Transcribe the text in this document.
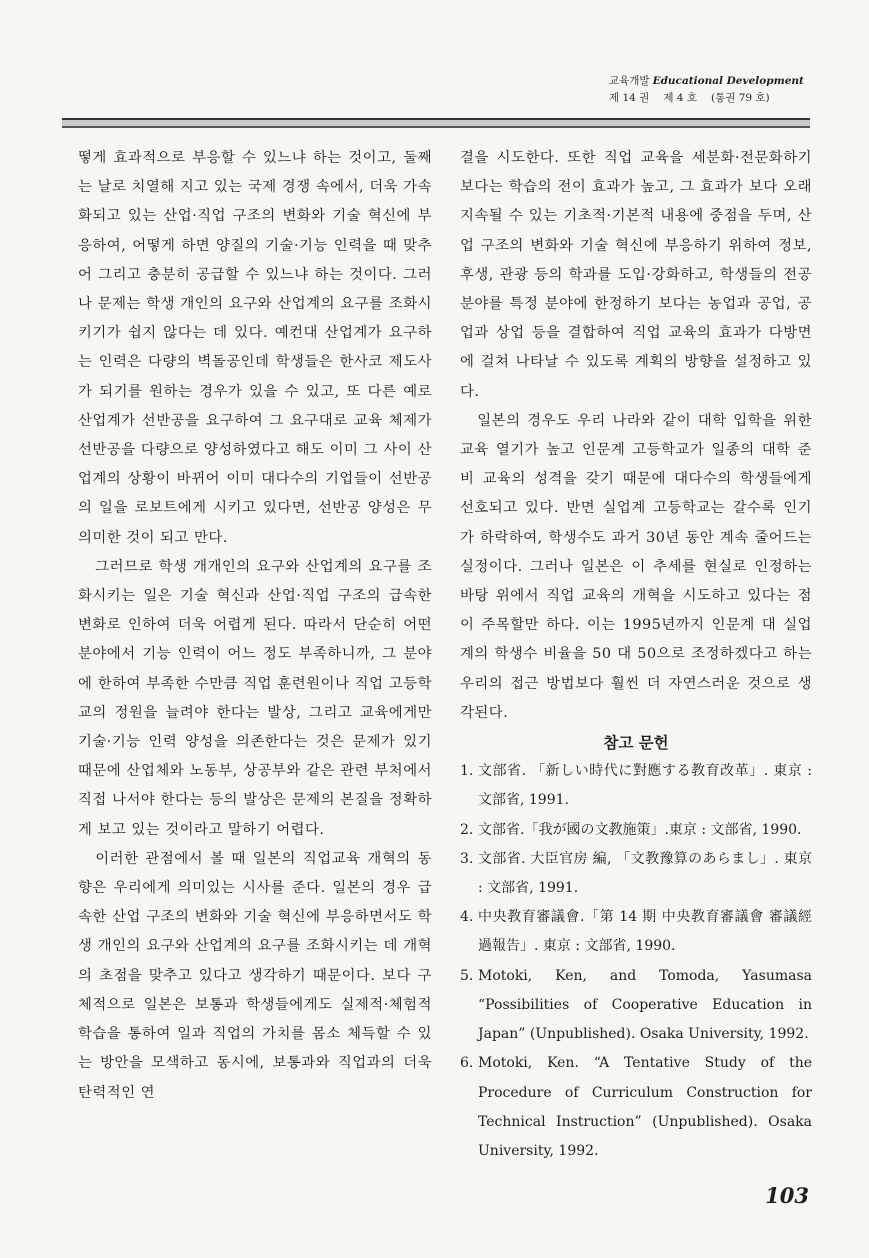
교육개발 Educational Development
제 14 권 제 4 호 (통권 79 호)

떻게 효과적으로 부응할 수 있느냐 하는 것이고, 둘째는 날로 치열해 지고 있는 국제 경쟁 속에서, 더욱 가속화되고 있는 산업·직업 구조의 변화와 기술 혁신에 부응하여, 어떻게 하면 양질의 기술·기능 인력을 때 맞추어 그리고 충분히 공급할 수 있느냐 하는 것이다. 그러나 문제는 학생 개인의 요구와 산업계의 요구를 조화시키기가 쉽지 않다는 데 있다. 예컨대 산업계가 요구하는 인력은 다량의 벽돌공인데 학생들은 한사코 제도사가 되기를 원하는 경우가 있을 수 있고, 또 다른 예로 산업계가 선반공을 요구하여 그 요구대로 교육 체제가 선반공을 다량으로 양성하였다고 해도 이미 그 사이 산업계의 상황이 바뀌어 이미 대다수의 기업들이 선반공의 일을 로보트에게 시키고 있다면, 선반공 양성은 무의미한 것이 되고 만다.

그러므로 학생 개개인의 요구와 산업계의 요구를 조화시키는 일은 기술 혁신과 산업·직업 구조의 급속한 변화로 인하여 더욱 어렵게 된다. 따라서 단순히 어떤 분야에서 기능 인력이 어느 정도 부족하니까, 그 분야에 한하여 부족한 수만큼 직업 훈련원이나 직업 고등학교의 정원을 늘려야 한다는 발상, 그리고 교육에게만 기술·기능 인력 양성을 의존한다는 것은 문제가 있기 때문에 산업체와 노동부, 상공부와 같은 관련 부처에서 직접 나서야 한다는 등의 발상은 문제의 본질을 정확하게 보고 있는 것이라고 말하기 어렵다.

이러한 관점에서 볼 때 일본의 직업교육 개혁의 동향은 우리에게 의미있는 시사를 준다. 일본의 경우 급속한 산업 구조의 변화와 기술 혁신에 부응하면서도 학생 개인의 요구와 산업계의 요구를 조화시키는 데 개혁의 초점을 맞추고 있다고 생각하기 때문이다. 보다 구체적으로 일본은 보통과 학생들에게도 실제적·체험적 학습을 통하여 일과 직업의 가치를 몸소 체득할 수 있는 방안을 모색하고 동시에, 보통과와 직업과의 더욱 탄력적인 연

결을 시도한다. 또한 직업 교육을 세분화·전문화하기 보다는 학습의 전이 효과가 높고, 그 효과가 보다 오래 지속될 수 있는 기초적·기본적 내용에 중점을 두며, 산업 구조의 변화와 기술 혁신에 부응하기 위하여 정보, 후생, 관광 등의 학과를 도입·강화하고, 학생들의 전공 분야를 특정 분야에 한정하기 보다는 농업과 공업, 공업과 상업 등을 결합하여 직업 교육의 효과가 다방면에 걸쳐 나타날 수 있도록 계획의 방향을 설정하고 있다.

일본의 경우도 우리 나라와 같이 대학 입학을 위한 교육 열기가 높고 인문계 고등학교가 일종의 대학 준비 교육의 성격을 갖기 때문에 대다수의 학생들에게 선호되고 있다. 반면 실업계 고등학교는 갈수록 인기가 하락하여, 학생수도 과거 30년 동안 계속 줄어드는 실정이다. 그러나 일본은 이 추세를 현실로 인정하는 바탕 위에서 직업 교육의 개혁을 시도하고 있다는 점이 주목할만 하다. 이는 1995년까지 인문계 대 실업계의 학생수 비율을 50 대 50으로 조정하겠다고 하는 우리의 접근 방법보다 훨씬 더 자연스러운 것으로 생각된다.

참고 문헌
1. 文部省. 「新しい時代に對應する教育改革」. 東京 : 文部省, 1991.
2. 文部省.「我が國の文教施策」.東京 : 文部省, 1990.
3. 文部省. 大臣官房 編, 「文教豫算のあらまし」. 東京 : 文部省, 1991.
4. 中央教育審議會.「第 14 期 中央教育審議會 審議經過報告」. 東京 : 文部省, 1990.
5. Motoki, Ken, and Tomoda, Yasumasa “Possibilities of Cooperative Education in Japan” (Unpublished). Osaka University, 1992.
6. Motoki, Ken. “A Tentative Study of the Procedure of Curriculum Construction for Technical Instruction” (Unpublished). Osaka University, 1992.
103
